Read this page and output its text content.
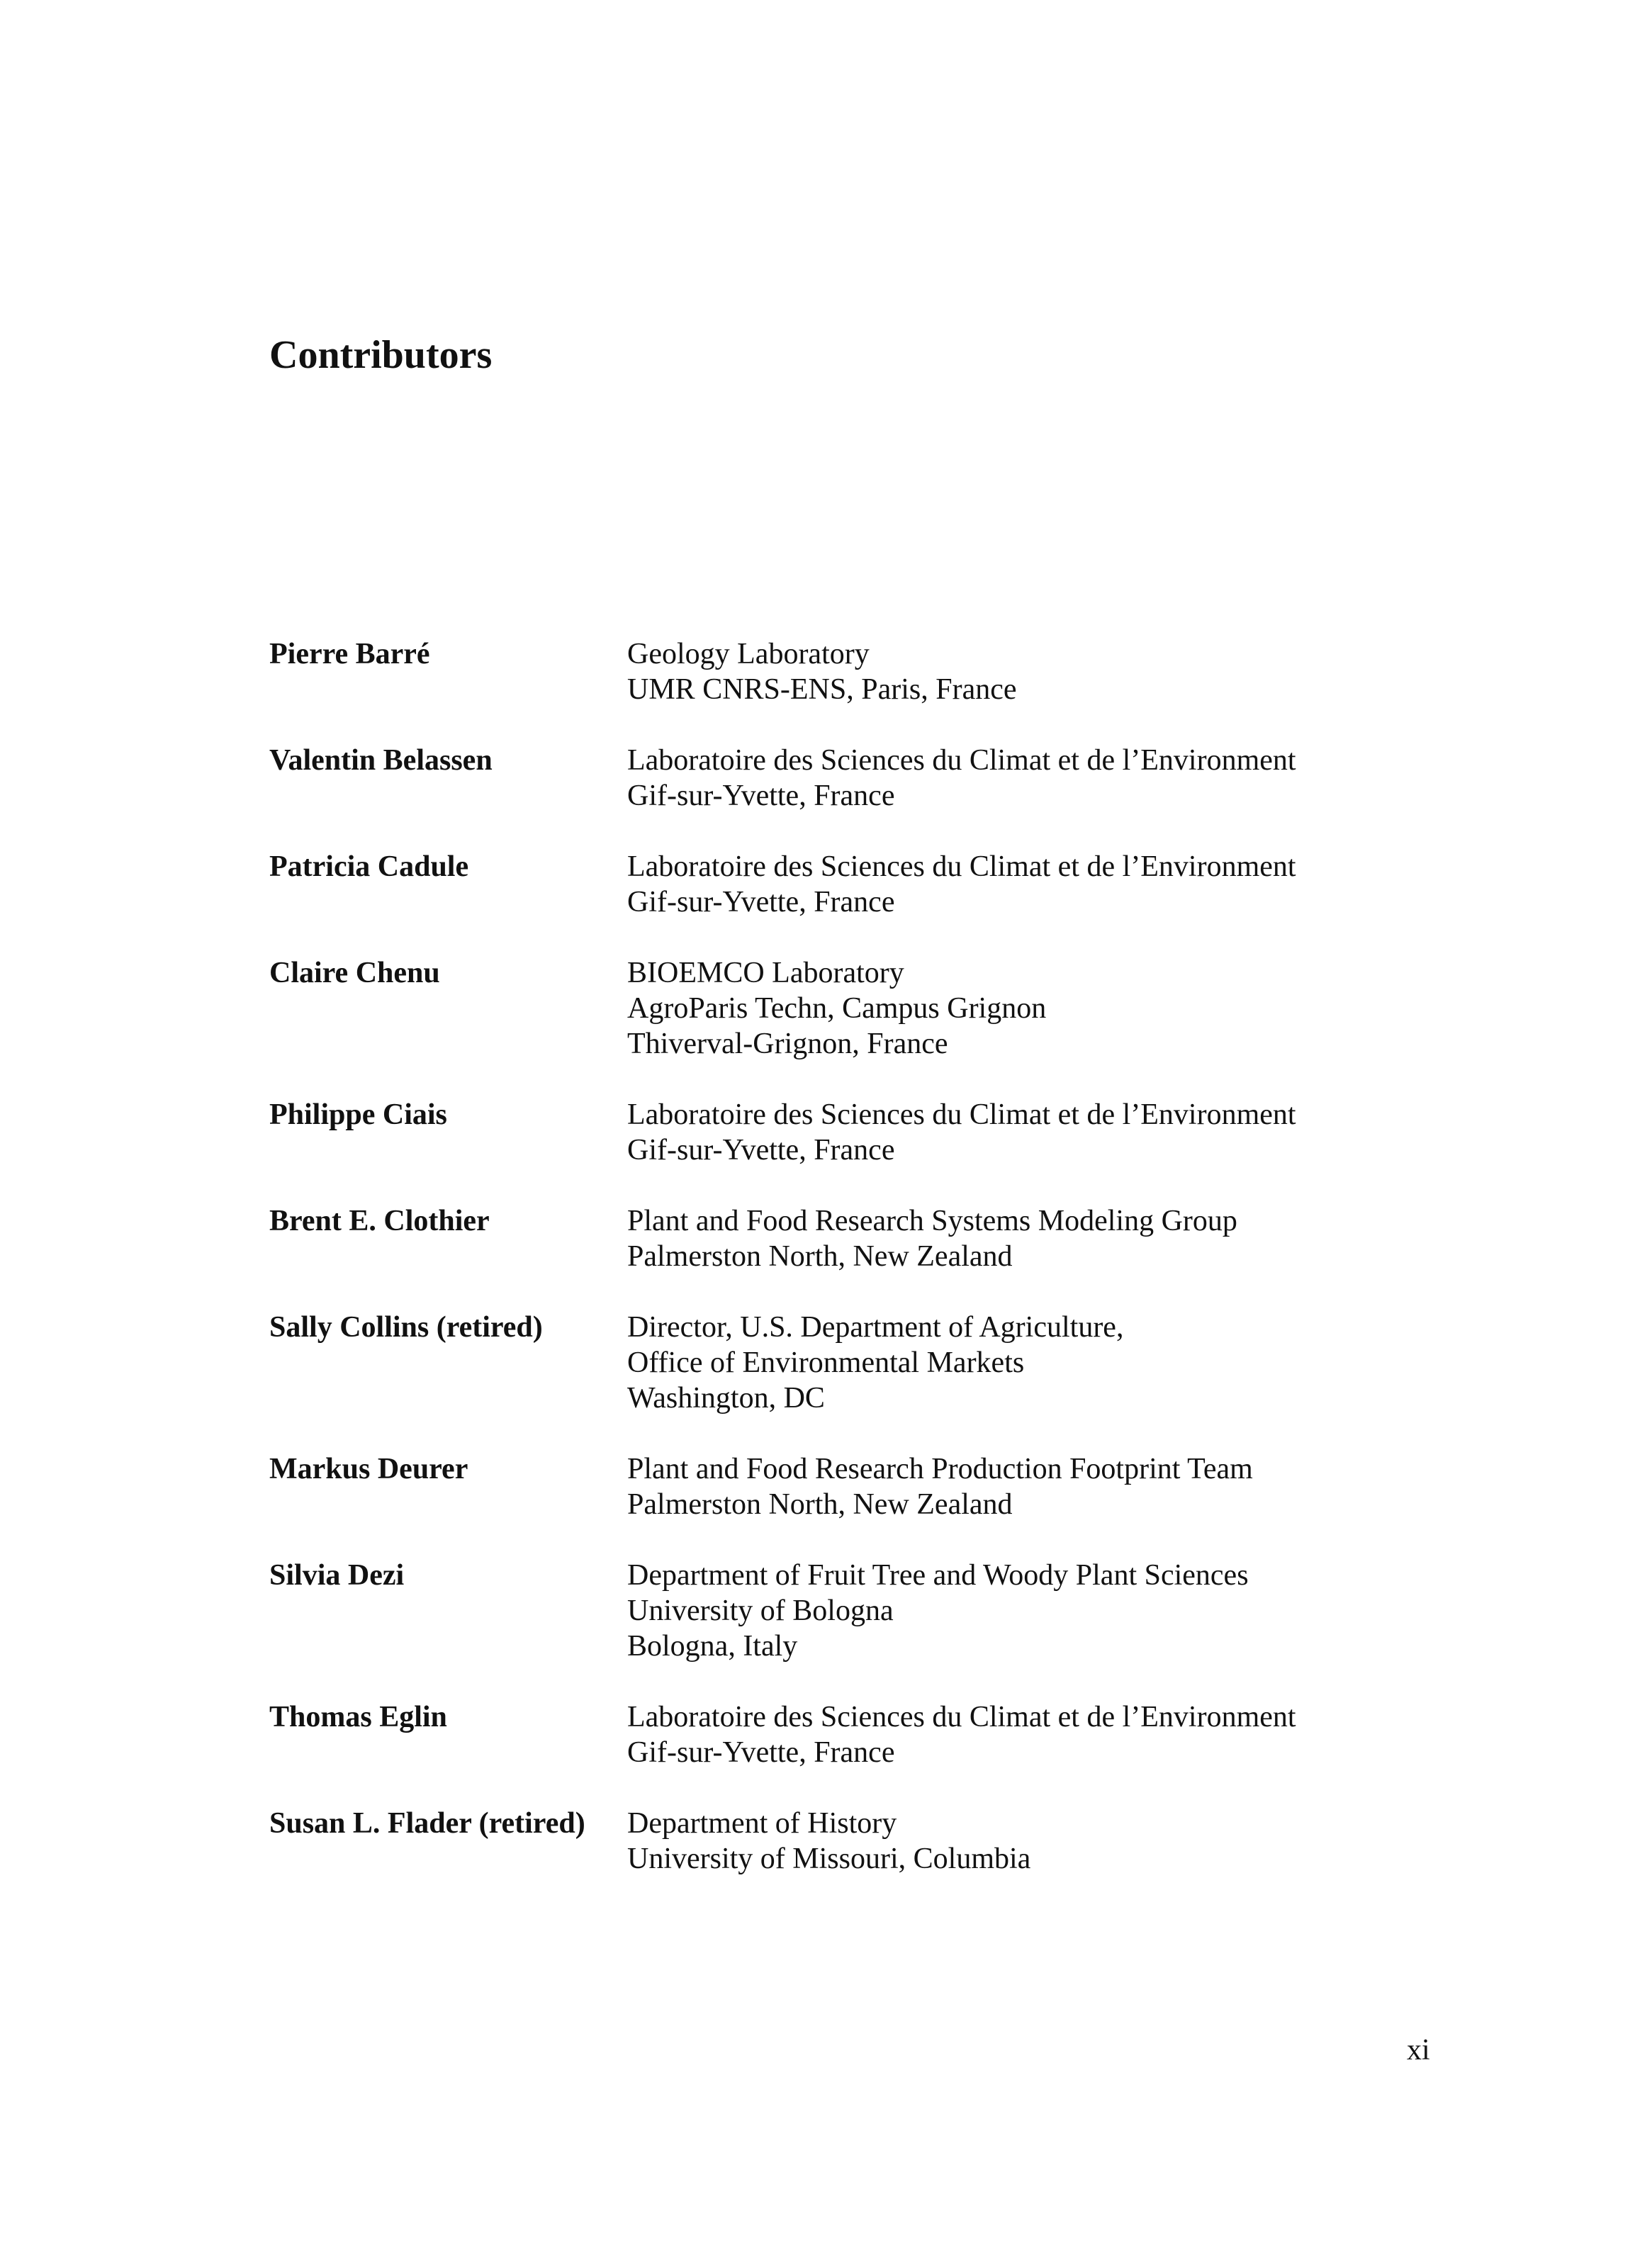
Contributors
Pierre Barré	Geology Laboratory
UMR CNRS-ENS, Paris, France
Valentin Belassen	Laboratoire des Sciences du Climat et de l’Environment
Gif-sur-Yvette, France
Patricia Cadule	Laboratoire des Sciences du Climat et de l’Environment
Gif-sur-Yvette, France
Claire Chenu	BIOEMCO Laboratory
AgroParis Techn, Campus Grignon
Thiverval-Grignon, France
Philippe Ciais	Laboratoire des Sciences du Climat et de l’Environment
Gif-sur-Yvette, France
Brent E. Clothier	Plant and Food Research Systems Modeling Group
Palmerston North, New Zealand
Sally Collins (retired)	Director, U.S. Department of Agriculture,
Office of Environmental Markets
Washington, DC
Markus Deurer	Plant and Food Research Production Footprint Team
Palmerston North, New Zealand
Silvia Dezi	Department of Fruit Tree and Woody Plant Sciences
University of Bologna
Bologna, Italy
Thomas Eglin	Laboratoire des Sciences du Climat et de l’Environment
Gif-sur-Yvette, France
Susan L. Flader (retired)	Department of History
University of Missouri, Columbia
xi
